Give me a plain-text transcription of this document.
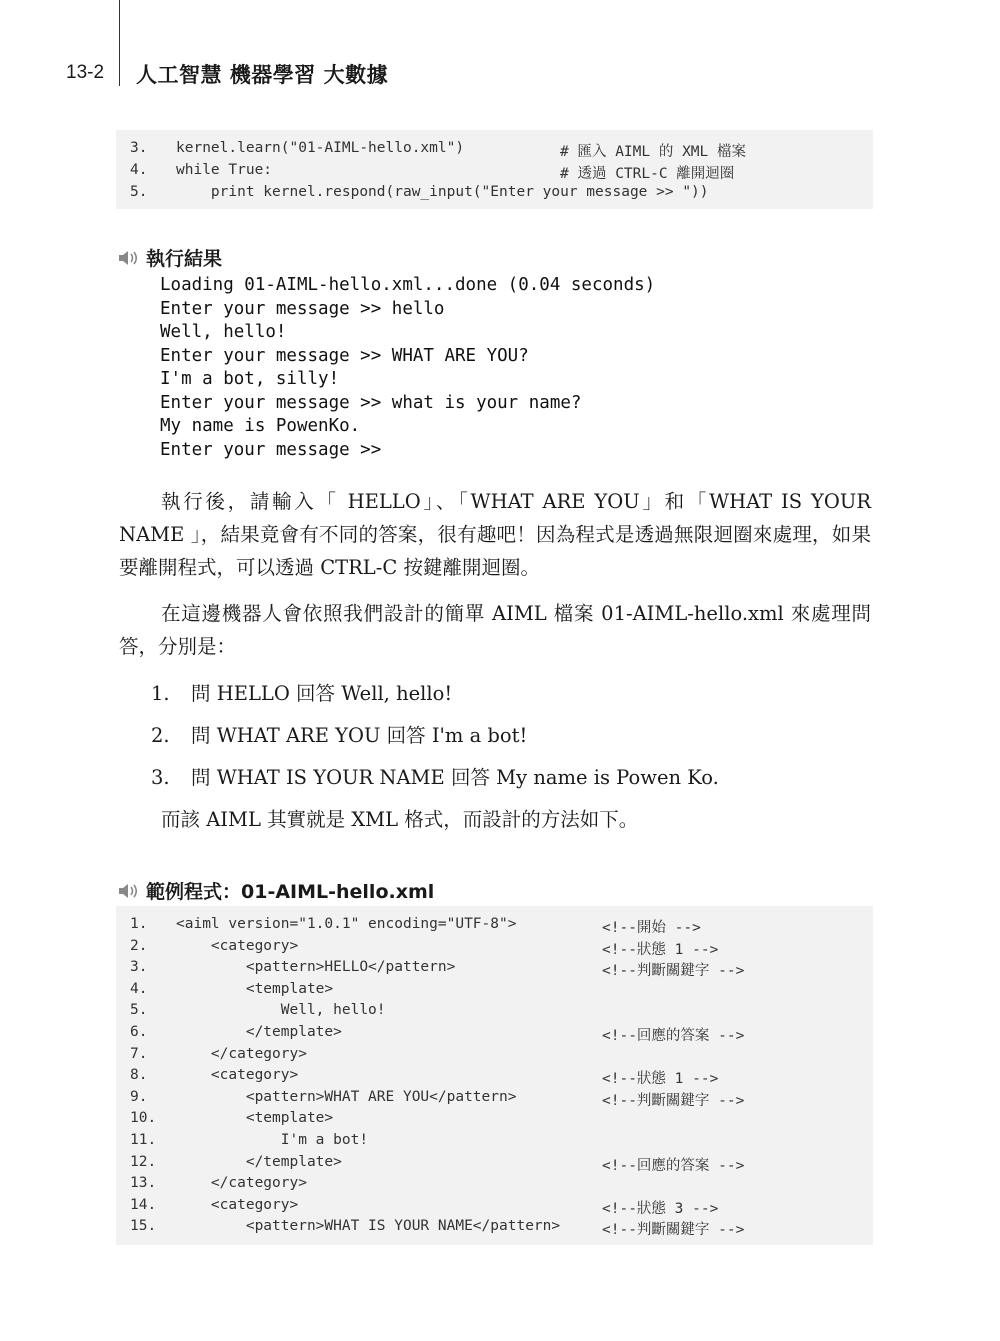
13-2 人工智慧 機器學習 大數據
3. kernel.learn("01-AIML-hello.xml")	# 匯入 AIML 的 XML 檔案
4. while True:	# 透過 CTRL-C 離開迴圈
5. print kernel.respond(raw_input("Enter your message >> "))
執行結果
Loading 01-AIML-hello.xml...done (0.04 seconds)
Enter your message >> hello
Well, hello!
Enter your message >> WHAT ARE YOU?
I'm a bot, silly!
Enter your message >> what is your name?
My name is PowenKo.
Enter your message >>
執行後，請輸入「 HELLO」、「WHAT ARE YOU」和「WHAT IS YOUR NAME 」，結果竟會有不同的答案，很有趣吧！因為程式是透過無限迴圈來處理，如果要離開程式，可以透過 CTRL-C 按鍵離開迴圈。
在這邊機器人會依照我們設計的簡單 AIML 檔案 01-AIML-hello.xml 來處理問答，分別是：
1. 問 HELLO 回答 Well, hello!
2. 問 WHAT ARE YOU 回答 I'm a bot!
3. 問 WHAT IS YOUR NAME 回答 My name is Powen Ko.
而該 AIML 其實就是 XML 格式，而設計的方法如下。
範例程式：01-AIML-hello.xml
1. <aiml version="1.0.1" encoding="UTF-8">	<!--開始 -->
2. <category>	<!--狀態 1 -->
3. <pattern>HELLO</pattern>	<!--判斷關鍵字 -->
4. <template>
5. Well, hello!
6. </template>	<!--回應的答案 -->
7. </category>
8. <category>	<!--狀態 1 -->
9. <pattern>WHAT ARE YOU</pattern>	<!--判斷關鍵字 -->
10. <template>
11. I'm a bot!
12. </template>	<!--回應的答案 -->
13. </category>
14. <category>	<!--狀態 3 -->
15. <pattern>WHAT IS YOUR NAME</pattern>	<!--判斷關鍵字 -->
